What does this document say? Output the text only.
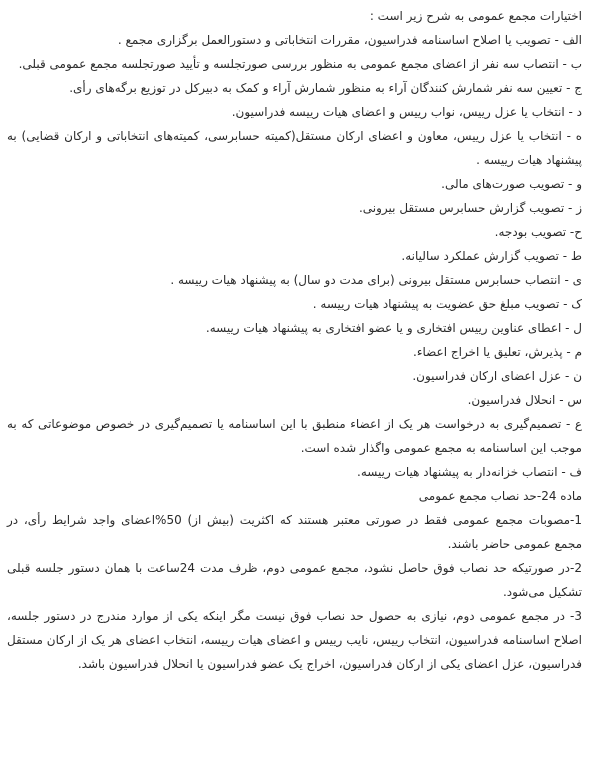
اختیارات مجمع عمومی به شرح زیر است :

الف - تصویب یا اصلاح اساسنامه فدراسیون، مقررات انتخاباتی و دستورالعمل برگزاری مجمع .

ب - انتصاب سه نفر از اعضای مجمع عمومی به منظور بررسی صورتجلسه و تأیید صورتجلسه مجمع عمومی قبلی.

ج - تعیین سه نفر شمارش کنندگان آراء به منظور شمارش آراء و کمک به دبیرکل در توزیع برگه‌های رأی.

د - انتخاب یا عزل رییس، نواب رییس و اعضای هیات رییسه فدراسیون.

ه - انتخاب یا عزل رییس، معاون و اعضای ارکان مستقل(کمیته حسابرسی، کمیته‌های انتخاباتی و ارکان قضایی) به پیشنهاد هیات رییسه .

و - تصویب صورت‌های مالی.

ز - تصویب گزارش حسابرس مستقل بیرونی.

ح- تصویب بودجه.

ط - تصویب گزارش عملکرد سالیانه.

ی - انتصاب حسابرس مستقل بیرونی (برای مدت دو سال) به پیشنهاد هیات رییسه .

ک - تصویب مبلغ حق عضویت به پیشنهاد هیات رییسه .

ل - اعطای عناوین رییس افتخاری و یا عضو افتخاری به پیشنهاد هیات رییسه.

م - پذیرش، تعلیق یا اخراج اعضاء.

ن - عزل اعضای ارکان فدراسیون.

س - انحلال فدراسیون.

ع - تصمیم‌گیری به درخواست هر یک از اعضاء منطبق با این اساسنامه یا تصمیم‌گیری در خصوص موضوعاتی که به موجب این اساسنامه به مجمع عمومی واگذار شده است.

ف - انتصاب خزانه‌دار به پیشنهاد هیات رییسه.

ماده 24-حد نصاب مجمع عمومی

1-مصوبات مجمع عمومی فقط در صورتی معتبر هستند که اکثریت (بیش از) 50%اعضای واجد شرایط رأی، در مجمع عمومی حاضر باشند.

2-در صورتیکه حد نصاب فوق حاصل نشود، مجمع عمومی دوم، ظرف مدت 24ساعت با همان دستور جلسه قبلی تشکیل می‌شود.

3- در مجمع عمومی دوم، نیازی به حصول حد نصاب فوق نیست مگر اینکه یکی از موارد مندرج در دستور جلسه، اصلاح اساسنامه فدراسیون، انتخاب رییس، نایب رییس و اعضای هیات رییسه، انتخاب اعضای هر یک از ارکان مستقل فدراسیون، عزل اعضای یکی از ارکان فدراسیون، اخراج یک عضو فدراسیون یا انحلال فدراسیون باشد.
